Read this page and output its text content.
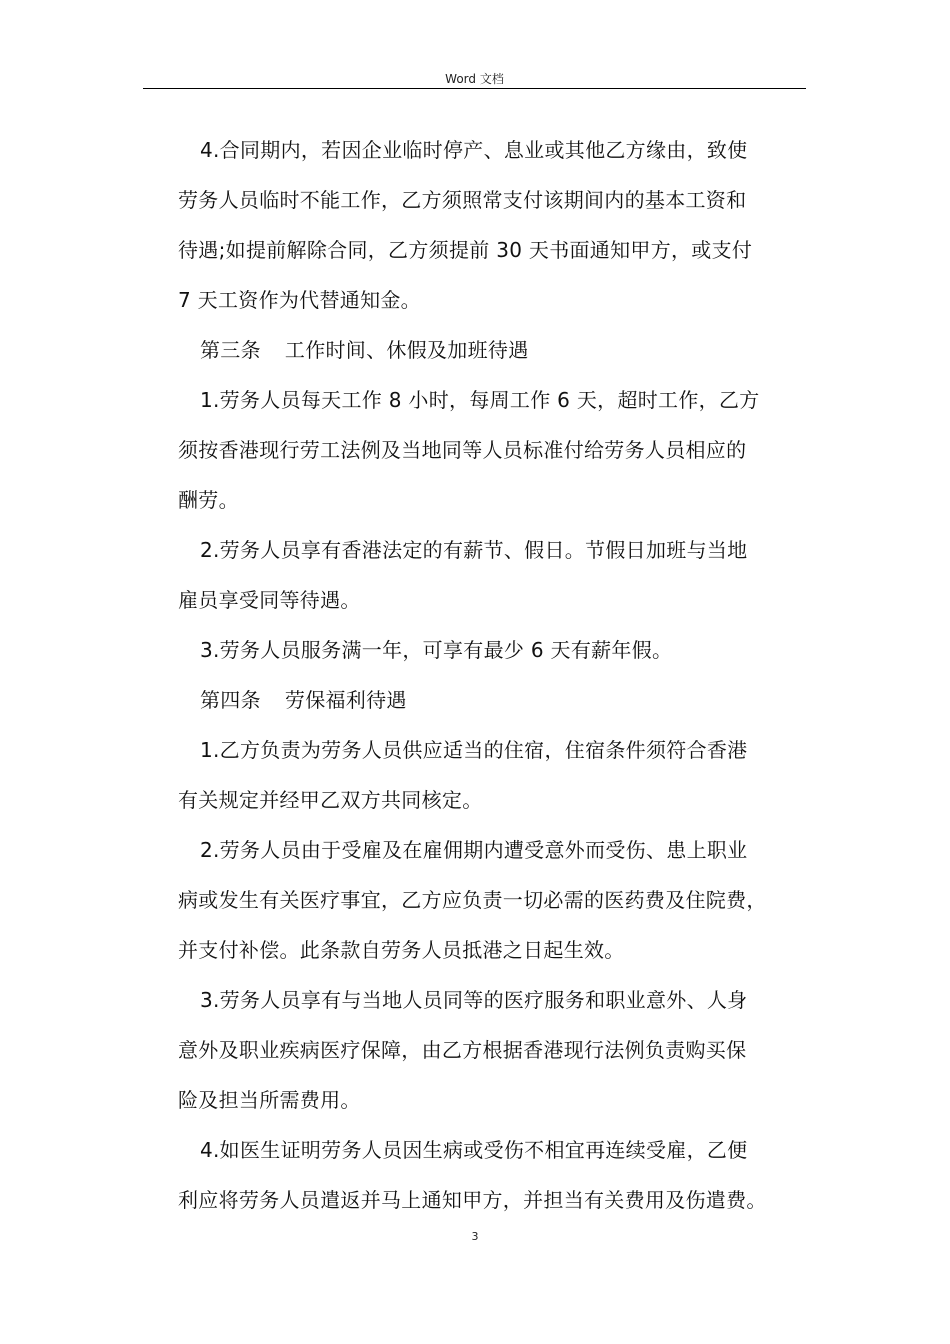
Word 文档
4.合同期内，若因企业临时停产、息业或其他乙方缘由，致使
劳务人员临时不能工作，乙方须照常支付该期间内的基本工资和
待遇;如提前解除合同，乙方须提前 30 天书面通知甲方，或支付
7 天工资作为代替通知金。
第三条 工作时间、休假及加班待遇
1.劳务人员每天工作 8 小时，每周工作 6 天，超时工作，乙方
须按香港现行劳工法例及当地同等人员标准付给劳务人员相应的
酬劳。
2.劳务人员享有香港法定的有薪节、假日。节假日加班与当地
雇员享受同等待遇。
3.劳务人员服务满一年，可享有最少 6 天有薪年假。
第四条 劳保福利待遇
1.乙方负责为劳务人员供应适当的住宿，住宿条件须符合香港
有关规定并经甲乙双方共同核定。
2.劳务人员由于受雇及在雇佣期内遭受意外而受伤、患上职业
病或发生有关医疗事宜，乙方应负责一切必需的医药费及住院费，
并支付补偿。此条款自劳务人员抵港之日起生效。
3.劳务人员享有与当地人员同等的医疗服务和职业意外、人身
意外及职业疾病医疗保障，由乙方根据香港现行法例负责购买保
险及担当所需费用。
4.如医生证明劳务人员因生病或受伤不相宜再连续受雇，乙便
利应将劳务人员遣返并马上通知甲方，并担当有关费用及伤遣费。
3
